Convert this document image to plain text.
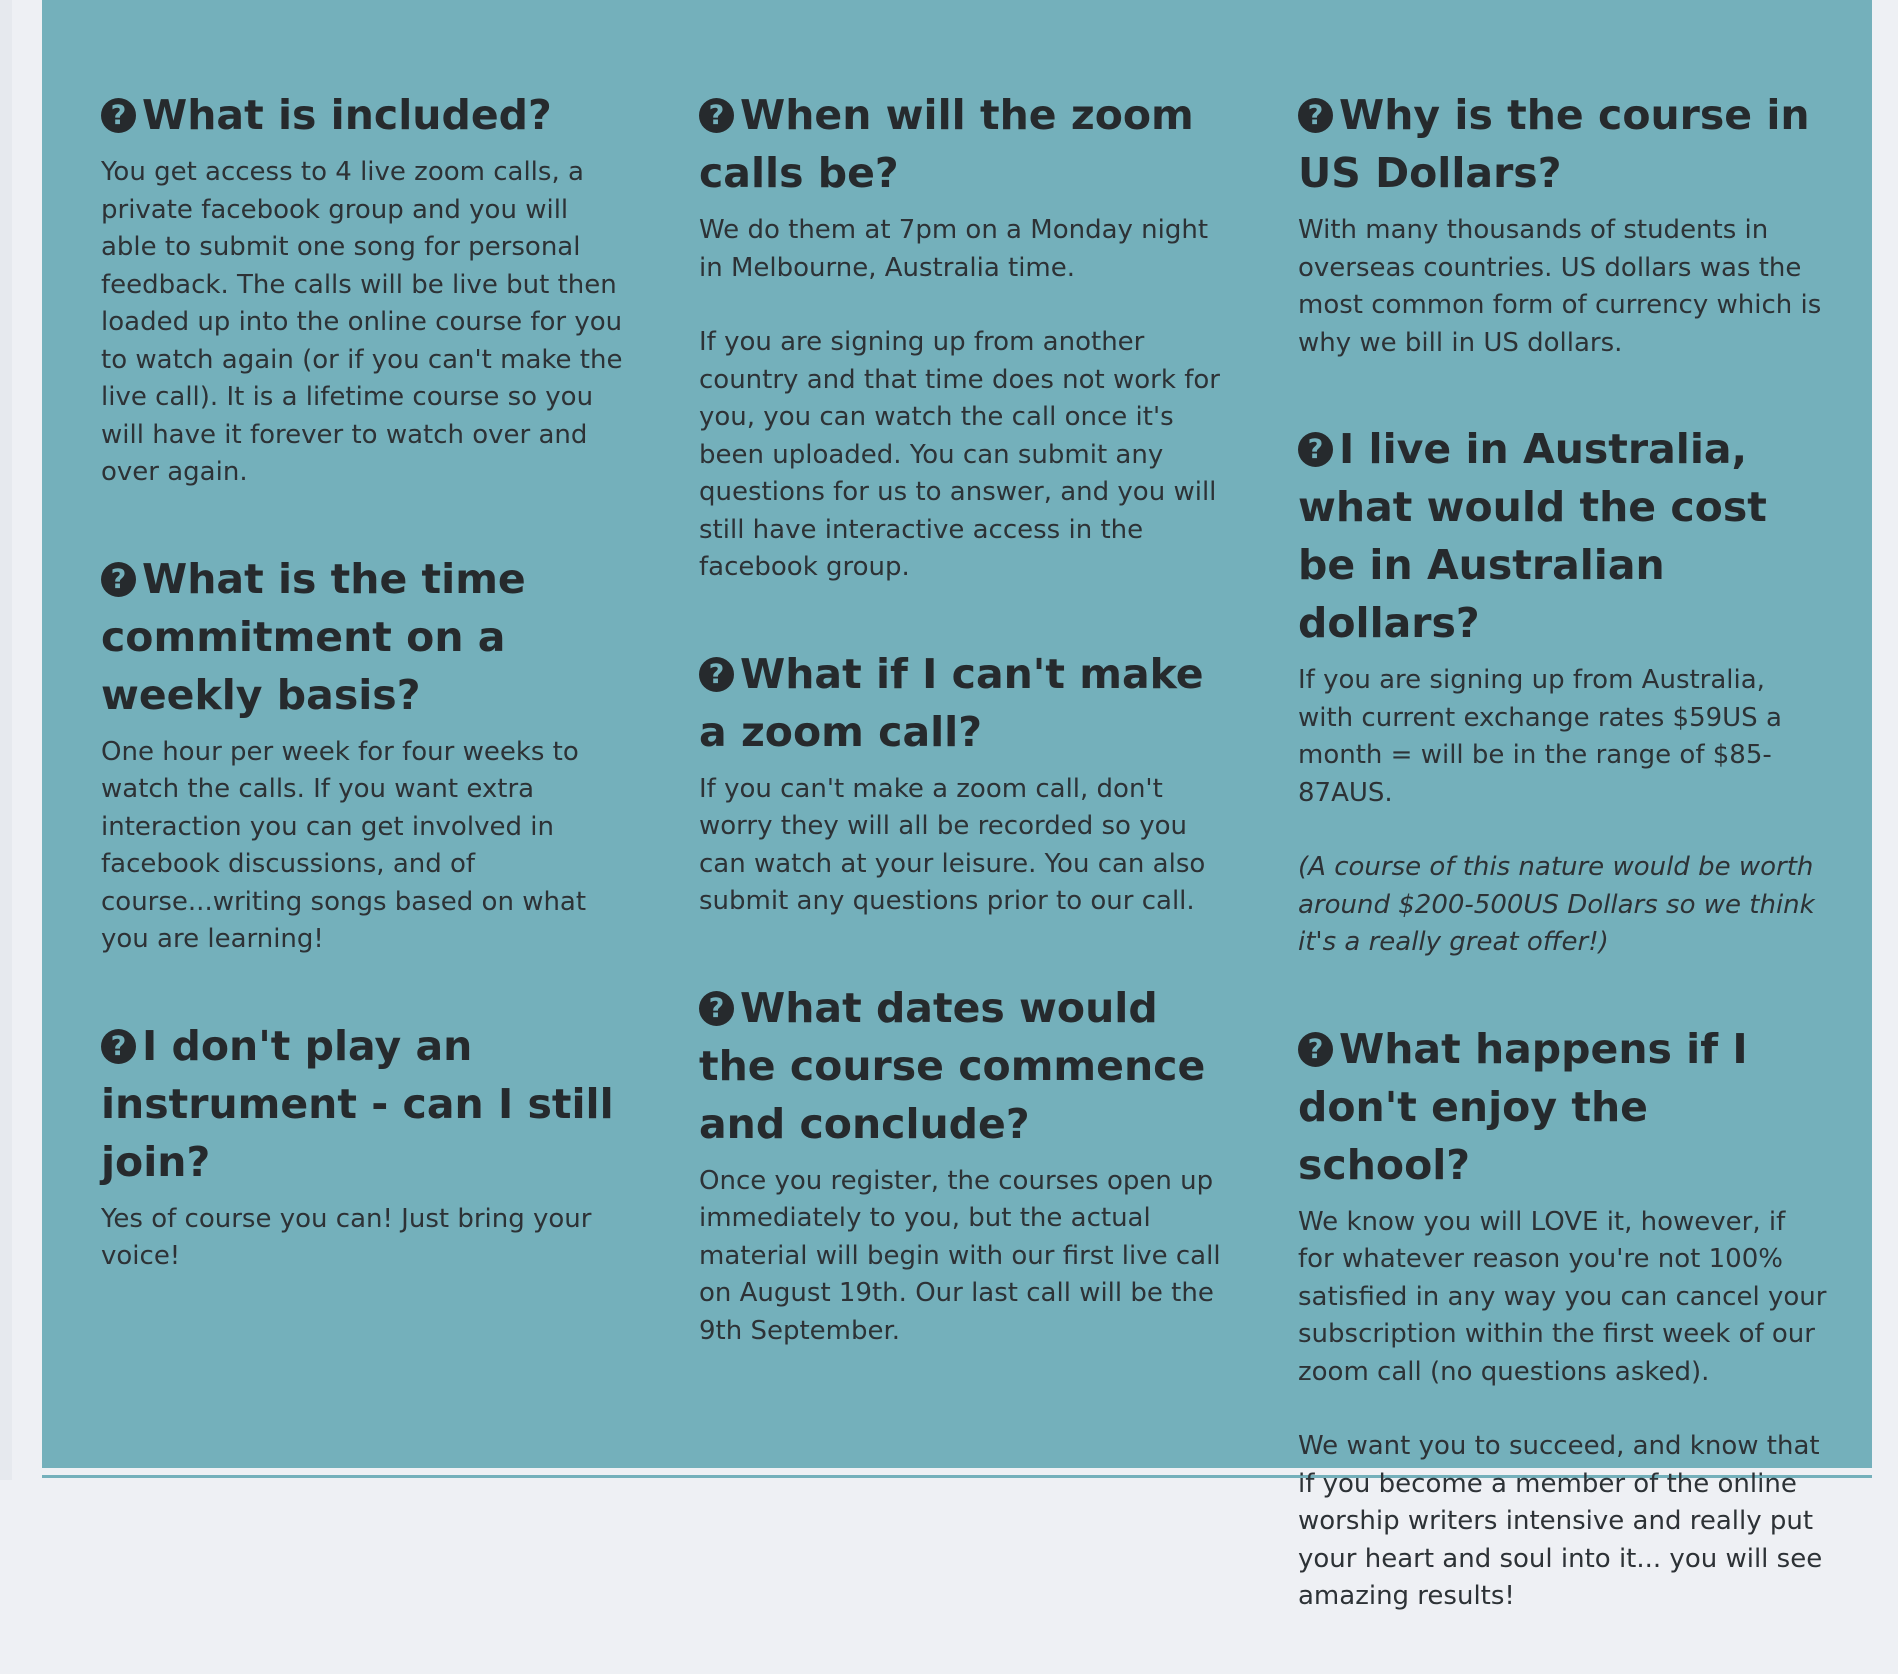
? What is included?

You get access to 4 live zoom calls, a private facebook group and you will able to submit one song for personal feedback. The calls will be live but then loaded up into the online course for you to watch again (or if you can't make the live call). It is a lifetime course so you will have it forever to watch over and over again.

? What is the time commitment on a weekly basis?

One hour per week for four weeks to watch the calls. If you want extra interaction you can get involved in facebook discussions, and of course...writing songs based on what you are learning!

? I don't play an instrument - can I still join?

Yes of course you can! Just bring your voice!

? When will the zoom calls be?

We do them at 7pm on a Monday night in Melbourne, Australia time.

If you are signing up from another country and that time does not work for you, you can watch the call once it's been uploaded. You can submit any questions for us to answer, and you will still have interactive access in the facebook group.

? What if I can't make a zoom call?

If you can't make a zoom call, don't worry they will all be recorded so you can watch at your leisure. You can also submit any questions prior to our call.

? What dates would the course commence and conclude?

Once you register, the courses open up immediately to you, but the actual material will begin with our first live call on August 19th. Our last call will be the 9th September.

? Why is the course in US Dollars?

With many thousands of students in overseas countries. US dollars was the most common form of currency which is why we bill in US dollars.

? I live in Australia, what would the cost be in Australian dollars?

If you are signing up from Australia, with current exchange rates $59US a month = will be in the range of $85-87AUS.

(A course of this nature would be worth around $200-500US Dollars so we think it's a really great offer!)

? What happens if I don't enjoy the school?

We know you will LOVE it, however, if for whatever reason you're not 100% satisfied in any way you can cancel your subscription within the first week of our zoom call (no questions asked).

We want you to succeed, and know that if you become a member of the online worship writers intensive and really put your heart and soul into it... you will see amazing results!
